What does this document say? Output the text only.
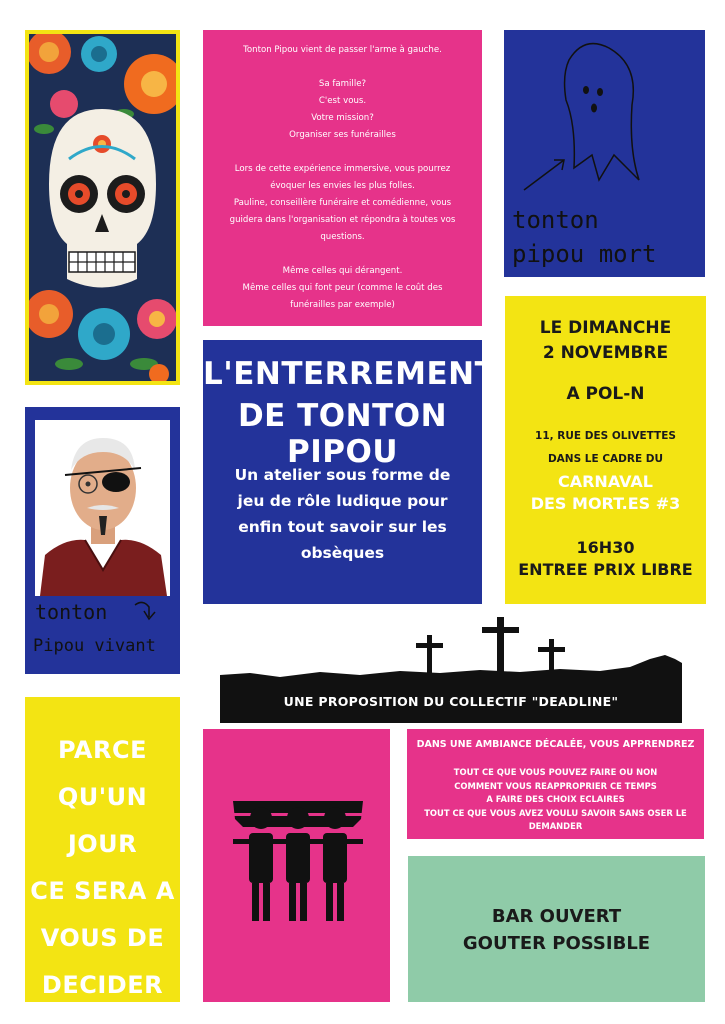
Tonton Pipou vient de passer l'arme à gauche.

Sa famille?
C'est vous.
Votre mission?
Organiser ses funérailles

Lors de cette expérience immersive, vous pourrez
évoquer les envies les plus folles.
Pauline, conseillère funéraire et comédienne, vous
guidera dans l'organisation et répondra à toutes vos
questions.

Même celles qui dérangent.
Même celles qui font peur (comme le coût des
funérailles par exemple)

tonton
pipou mort
LE DIMANCHE
2 NOVEMBRE
A POL-N
11, RUE DES OLIVETTES
DANS LE CADRE DU
CARNAVAL
DES MORT.ES #3
16H30
ENTREE PRIX LIBRE
L'ENTERREMENT
DE TONTON PIPOU
Un atelier sous forme de
jeu de rôle ludique pour
enfin tout savoir sur les
obsèques
tonton
Pipou vivant
UNE PROPOSITION DU COLLECTIF "DEADLINE"
PARCE
QU'UN JOUR
CE SERA A
VOUS DE
DECIDER
DANS UNE AMBIANCE DÉCALÉE, VOUS APPRENDREZ
TOUT CE QUE VOUS POUVEZ FAIRE OU NON
COMMENT VOUS REAPPROPRIER CE TEMPS
A FAIRE DES CHOIX ECLAIRES
TOUT CE QUE VOUS AVEZ VOULU SAVOIR SANS OSER LE
DEMANDER
BAR OUVERT
GOUTER POSSIBLE
